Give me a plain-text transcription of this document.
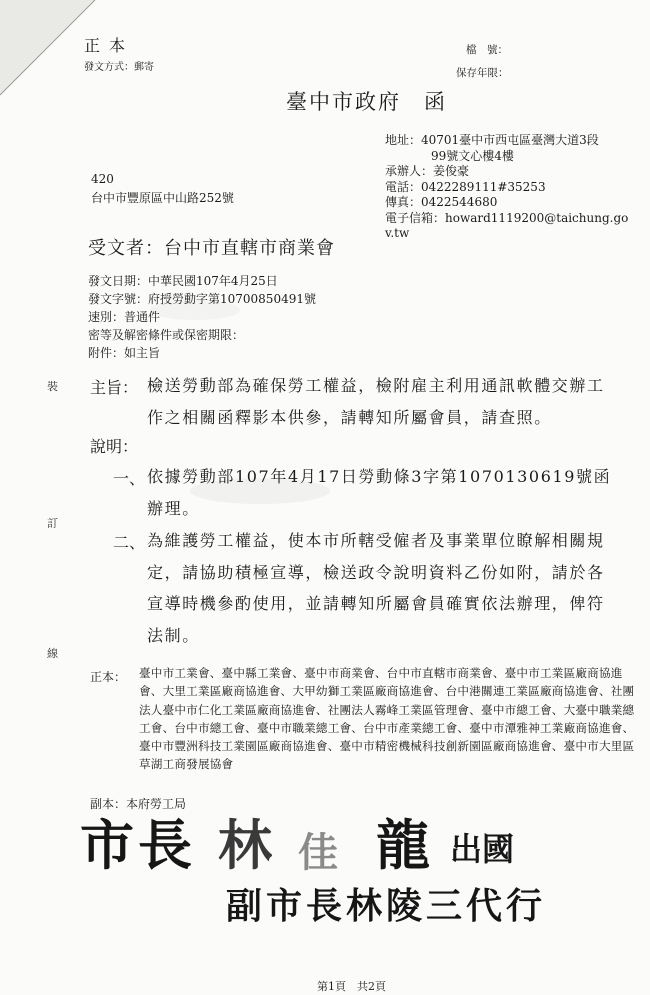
正本
發文方式：郵寄
檔　號：
保存年限：
臺中市政府　函
地址：40701臺中市西屯區臺灣大道3段
99號文心樓4樓
承辦人：姜俊豪
電話：0422289111#35253
傳真：0422544680
電子信箱：howard1119200@taichung.go
v.tw
420
台中市豐原區中山路252號
受文者：台中市直轄市商業會
發文日期：中華民國107年4月25日
發文字號：府授勞動字第10700850491號
速別：普通件
密等及解密條件或保密期限：
附件：如主旨
裝
訂
線
主旨： 檢送勞動部為確保勞工權益，檢附雇主利用通訊軟體交辦工作之相關函釋影本供參，請轉知所屬會員，請查照。
說明：
一、 依據勞動部107年4月17日勞動條3字第1070130619號函辦理。
二、 為維護勞工權益，使本市所轄受僱者及事業單位瞭解相關規定，請協助積極宣導，檢送政令說明資料乙份如附，請於各宣導時機參酌使用，並請轉知所屬會員確實依法辦理，俾符法制。
正本： 臺中市工業會、臺中縣工業會、臺中市商業會、台中市直轄市商業會、臺中市工業區廠商協進會、大里工業區廠商協進會、大甲幼獅工業區廠商協進會、台中港關連工業區廠商協進會、社團法人臺中市仁化工業區廠商協進會、社團法人霧峰工業區管理會、臺中市總工會、大臺中職業總工會、台中市總工會、臺中市職業總工會、台中市產業總工會、臺中市潭雅神工業廠商協進會、臺中市豐洲科技工業園區廠商協進會、臺中市精密機械科技創新園區廠商協進會、臺中市大里區草湖工商發展協會
副本：本府勞工局
市 長 林 佳 龍 出國
副市長林陵三代行
第1頁　共2頁
